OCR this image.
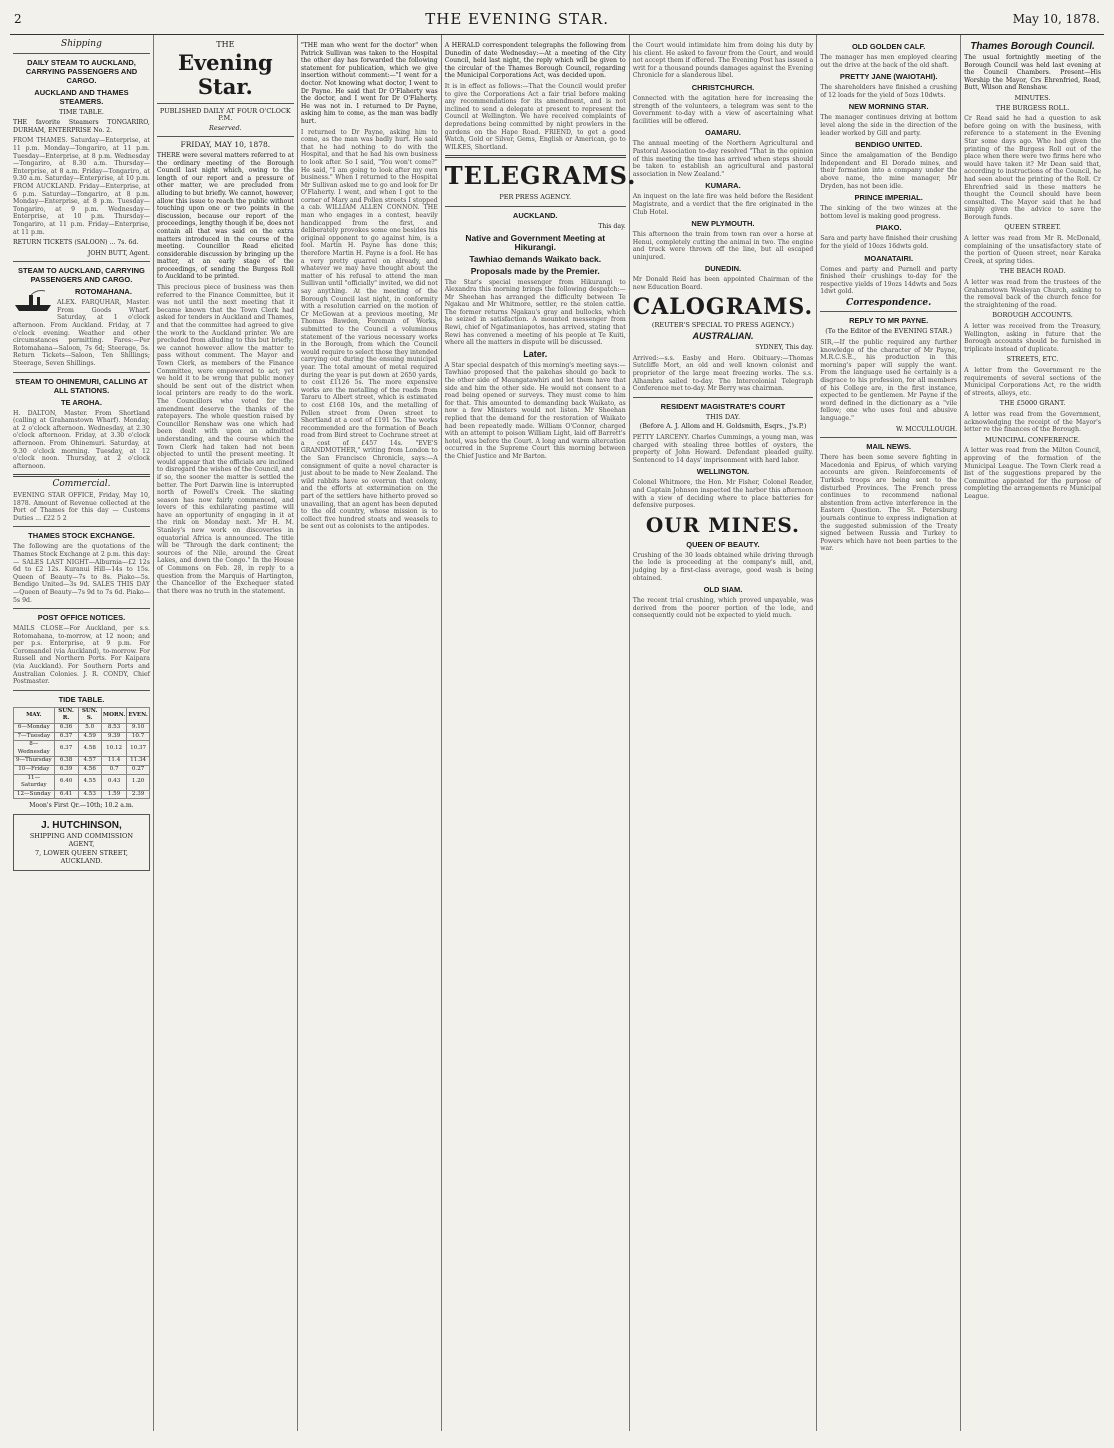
2	THE EVENING STAR.	May 10, 1878.
Shipping
DAILY STEAM TO AUCKLAND, CARRYING PASSENGERS AND CARGO.
AUCKLAND AND THAMES STEAMERS.
TIME TABLE.
THE favorite Steamers TONGARIRO, DURHAM, ENTERPRISE No. 2.
FROM THAMES. Saturday—Enterprise, at 11 p.m. Monday—Tongariro, at 11 p.m. Tuesday—Enterprise, at 8 p.m. Wednesday—Tongariro, at 8.30 a.m. Thursday—Enterprise, at 8 a.m. Friday—Tongariro, at 9.30 a.m. Saturday—Enterprise, at 10 p.m. FROM AUCKLAND. Friday—Enterprise, at 6 p.m. Saturday—Tongariro, at 8 p.m. Monday—Enterprise, at 8 p.m. Tuesday—Tongariro, at 9 p.m. Wednesday—Enterprise, at 10 p.m. Thursday—Tongariro, at 11 p.m. Friday—Enterprise, at 11 p.m.
RETURN TICKETS (SALOON) ... 7s. 6d.
JOHN BUTT, Agent.
STEAM TO AUCKLAND, CARRYING PASSENGERS AND CARGO.
ROTOMAHANA.
ALEX. FARQUHAR, Master. From Goods Wharf. Saturday, at 1 o'clock afternoon. From Auckland. Friday, at 7 o'clock evening. Weather and other circumstances permitting. Fares:—Per Rotomahana—Saloon, 7s 6d; Steerage, 5s. Return Tickets—Saloon, Ten Shillings; Steerage, Seven Shillings.
STEAM TO OHINEMURI, CALLING AT ALL STATIONS.
TE AROHA.
H. DALTON, Master. From Shortland (calling at Grahamstown Wharf). Monday, at 2 o'clock afternoon. Wednesday, at 2.30 o'clock afternoon. Friday, at 3.30 o'clock afternoon. From Ohinemuri. Saturday, at 9.30 o'clock morning. Tuesday, at 12 o'clock noon. Thursday, at 2 o'clock afternoon.
Commercial.
EVENING STAR OFFICE, Friday, May 10, 1878. Amount of Revenue collected at the Port of Thames for this day — Customs Duties ... £22 5 2
THAMES STOCK EXCHANGE.
The following are the quotations of the Thames Stock Exchange at 2 p.m. this day:— SALES LAST NIGHT—Alburnia—£2 12s 6d to £2 12s. Kuranui Hill—14s to 15s. Queen of Beauty—7s to 8s. Piako—5s. Bendigo United—3s 9d. SALES THIS DAY—Queen of Beauty—7s 9d to 7s 6d. Piako—5s 9d.
POST OFFICE NOTICES.
MAILS CLOSE—For Auckland, per s.s. Rotomahana, to-morrow, at 12 noon; and per p.s. Enterprise, at 9 p.m. For Coromandel (via Auckland), to-morrow. For Russell and Northern Ports. For Kaipara (via Auckland). For Southern Ports and Australian Colonies. J. R. CONDY, Chief Postmaster.
TIDE TABLE.
MAY.	SUN. R.	SUN. S.	MORN.	EVEN.
6—Monday	6.36	5.0	8.53	9.10
7—Tuesday	6.37	4.59	9.39	10.7
8—Wednesday	6.37	4.58	10.12	10.37
9—Thursday	6.38	4.57	11.4	11.34
10—Friday	6.39	4.56	0.7	0.27
11—Saturday	6.40	4.55	0.43	1.20
12—Sunday	6.41	4.53	1.59	2.39
Moon's First Qr.—10th; 10.2 a.m.
J. HUTCHINSON,
SHIPPING AND COMMISSION AGENT,
7, LOWER QUEEN STREET, AUCKLAND.
THE
Evening Star.
PUBLISHED DAILY AT FOUR O'CLOCK P.M.
Reserved.
FRIDAY, MAY 10, 1878.
THERE were several matters referred to at the ordinary meeting of the Borough Council last night which, owing to the length of our report and a pressure of other matter, we are precluded from alluding to but briefly. We cannot, however, allow this issue to reach the public without touching upon one or two points in the discussion, because our report of the proceedings, lengthy though it be, does not contain all that was said on the extra matters introduced in the course of the meeting. Councillor Read elicited considerable discussion by bringing up the matter, at an early stage of the proceedings, of sending the Burgess Roll to Auckland to be printed.
This precious piece of business was then referred to the Finance Committee, but it was not until the next meeting that it became known that the Town Clerk had asked for tenders in Auckland and Thames, and that the committee had agreed to give the work to the Auckland printer. We are precluded from alluding to this but briefly; we cannot however allow the matter to pass without comment. The Mayor and Town Clerk, as members of the Finance Committee, were empowered to act; yet we hold it to be wrong that public money should be sent out of the district when local printers are ready to do the work. The Councillors who voted for the amendment deserve the thanks of the ratepayers. The whole question raised by Councillor Renshaw was one which had been dealt with upon an admitted understanding, and the course which the Town Clerk had taken had not been objected to until the present meeting. It would appear that the officials are inclined to disregard the wishes of the Council, and if so, the sooner the matter is settled the better. The Port Darwin line is interrupted north of Powell's Creek. The skating season has now fairly commenced, and lovers of this exhilarating pastime will have an opportunity of engaging in it at the rink on Monday next. Mr H. M. Stanley's new work on discoveries in equatorial Africa is announced. The title will be "Through the dark continent; the sources of the Nile, around the Great Lakes, and down the Congo." In the House of Commons on Feb. 28, in reply to a question from the Marquis of Hartington, the Chancellor of the Exchequer stated that there was no truth in the statement.
"THE man who went for the doctor" when Patrick Sullivan was taken to the Hospital the other day has forwarded the following statement for publication, which we give insertion without comment:—"I went for a doctor. Not knowing what doctor, I went to Dr Payne. He said that Dr O'Flaherty was the doctor, and I went for Dr O'Flaherty. He was not in. I returned to Dr Payne, asking him to come, as the man was badly hurt.
I returned to Dr Payne, asking him to come, as the man was badly hurt. He said that he had nothing to do with the Hospital, and that he had his own business to look after. So I said, "You won't come?" He said, "I am going to look after my own business." When I returned to the Hospital Mr Sullivan asked me to go and look for Dr O'Flaherty. I went, and when I got to the corner of Mary and Pollen streets I stopped a cab. WILLIAM ALLEN CONNON. THE man who engages in a contest, heavily handicapped from the first, and deliberately provokes some one besides his original opponent to go against him, is a fool. Martin H. Payne has done this; therefore Martin H. Payne is a fool. He has a very pretty quarrel on already, and whatever we may have thought about the matter of his refusal to attend the man Sullivan until "officially" invited, we did not say anything. At the meeting of the Borough Council last night, in conformity with a resolution carried on the motion of Cr McGowan at a previous meeting, Mr Thomas Bawden, Foreman of Works, submitted to the Council a voluminous statement of the various necessary works in the Borough, from which the Council would require to select those they intended carrying out during the ensuing municipal year. The total amount of metal required during the year is put down at 2650 yards, to cost £1126 5s. The more expensive works are the metalling of the roads from Tararu to Albert street, which is estimated to cost £168 10s, and the metalling of Pollen street from Owen street to Shortland at a cost of £191 5s. The works recommended are the formation of Beach road from Bird street to Cochrane street at a cost of £457 14s. "EVE'S GRANDMOTHER," writing from London to the San Francisco Chronicle, says:—A consignment of quite a novel character is just about to be made to New Zealand. The wild rabbits have so overrun that colony, and the efforts at extermination on the part of the settlers have hitherto proved so unavailing, that an agent has been deputed to the old country, whose mission is to collect five hundred stoats and weasels to be sent out as colonists to the antipodes.
A HERALD correspondent telegraphs the following from Dunedin of date Wednesday:—At a meeting of the City Council, held last night, the reply which will be given to the circular of the Thames Borough Council, regarding the Municipal Corporations Act, was decided upon.
It is in effect as follows:—That the Council would prefer to give the Corporations Act a fair trial before making any recommendations for its amendment, and is not inclined to send a delegate at present to represent the Council at Wellington. We have received complaints of depredations being committed by night prowlers in the gardens on the Hape Road. FRIEND, to get a good Watch, Gold or Silver, Gems, English or American, go to WILKES, Shortland.
TELEGRAMS.
PER PRESS AGENCY.
AUCKLAND.
This day.
Native and Government Meeting at Hikurangi.
Tawhiao demands Waikato back.
Proposals made by the Premier.
The Star's special messenger from Hikurangi to Alexandra this morning brings the following despatch:—Mr Sheehan has arranged the difficulty between Te Ngakau and Mr Whitmore, settler, re the stolen cattle. The former returns Ngakau's gray and bullocks, which he seized in satisfaction. A mounted messenger from Rewi, chief of Ngatimaniapotos, has arrived, stating that Rewi has convened a meeting of his people at Te Kuiti, where all the matters in dispute will be discussed.
Later.
A Star special despatch of this morning's meeting says:—Tawhiao proposed that the pakehas should go back to the other side of Maungatawhiri and let them have that side and him the other side. He would not consent to a road being opened or surveys. They must come to him for that. This amounted to demanding back Waikato, as now a few Ministers would not listen. Mr Sheehan replied that the demand for the restoration of Waikato had been repeatedly made. William O'Connor, charged with an attempt to poison William Light, laid off Barrett's hotel, was before the Court. A long and warm altercation occurred in the Supreme Court this morning between the Chief Justice and Mr Barton.
the Court would intimidate him from doing his duty by his client. He asked to favour from the Court, and would not accept them if offered. The Evening Post has issued a writ for a thousand pounds damages against the Evening Chronicle for a slanderous libel.
CHRISTCHURCH.
Connected with the agitation here for increasing the strength of the volunteers, a telegram was sent to the Government to-day with a view of ascertaining what facilities will be offered.
OAMARU.
The annual meeting of the Northern Agricultural and Pastoral Association to-day resolved "That in the opinion of this meeting the time has arrived when steps should be taken to establish an agricultural and pastoral association in New Zealand."
KUMARA.
An inquest on the late fire was held before the Resident Magistrate, and a verdict that the fire originated in the Club Hotel.
NEW PLYMOUTH.
This afternoon the train from town ran over a horse at Henui, completely cutting the animal in two. The engine and truck were thrown off the line, but all escaped uninjured.
DUNEDIN.
Mr Donald Reid has been appointed Chairman of the new Education Board.
CALOGRAMS.
(REUTER'S SPECIAL TO PRESS AGENCY.)
AUSTRALIAN.
SYDNEY, This day.
Arrived:—s.s. Easby and Hero. Obituary:—Thomas Sutcliffe Mort, an old and well known colonist and proprietor of the large meat freezing works. The s.s. Alhambra sailed to-day. The Intercolonial Telegraph Conference met to-day. Mr Berry was chairman.
RESIDENT MAGISTRATE'S COURT
THIS DAY.
(Before A. J. Allom and H. Goldsmith, Esqrs., J's.P.)
PETTY LARCENY. Charles Cummings, a young man, was charged with stealing three bottles of oysters, the property of John Howard. Defendant pleaded guilty. Sentenced to 14 days' imprisonment with hard labor.
WELLINGTON.
Colonel Whitmore, the Hon. Mr Fisher, Colonel Reader, and Captain Johnson inspected the harbor this afternoon with a view of deciding where to place batteries for defensive purposes.
OUR MINES.
QUEEN OF BEAUTY.
Crushing of the 30 loads obtained while driving through the lode is proceeding at the company's mill, and, judging by a first-class average, good wash is being obtained.
OLD SIAM.
The recent trial crushing, which proved unpayable, was derived from the poorer portion of the lode, and consequently could not be expected to yield much.
OLD GOLDEN CALF.
The manager has men employed clearing out the drive at the back of the old shaft.
PRETTY JANE (WAIOTAHI).
The shareholders have finished a crushing of 12 loads for the yield of 5ozs 10dwts.
NEW MORNING STAR.
The manager continues driving at bottom level along the side in the direction of the leader worked by Gill and party.
BENDIGO UNITED.
Since the amalgamation of the Bendigo Independent and El Dorado mines, and their formation into a company under the above name, the mine manager, Mr Dryden, has not been idle.
PRINCE IMPERIAL.
The sinking of the two winzes at the bottom level is making good progress.
PIAKO.
Sara and party have finished their crushing for the yield of 10ozs 16dwts gold.
MOANATAIRI.
Comes and party and Purnell and party finished their crushings to-day for the respective yields of 19ozs 14dwts and 5ozs 1dwt gold.
Correspondence.
REPLY TO MR PAYNE.
(To the Editor of the EVENING STAR.)
SIR,—If the public required any further knowledge of the character of Mr Payne, M.R.C.S.E., his production in this morning's paper will supply the want. From the language used he certainly is a disgrace to his profession, for all members of his College are, in the first instance, expected to be gentlemen. Mr Payne if the word defined in the dictionary as a "vile fellow; one who uses foul and abusive language."
W. MCCULLOUGH.
MAIL NEWS.
There has been some severe fighting in Macedonia and Epirus, of which varying accounts are given. Reinforcements of Turkish troops are being sent to the disturbed Provinces. The French press continues to recommend national abstention from active interference in the Eastern Question. The St. Petersburg journals continue to express indignation at the suggested submission of the Treaty signed between Russia and Turkey to Powers which have not been parties to the war.
Thames Borough Council.
The usual fortnightly meeting of the Borough Council was held last evening at the Council Chambers. Present—His Worship the Mayor, Crs Ehrenfried, Read, Butt, Wilson and Renshaw.
MINUTES.
THE BURGESS ROLL.
Cr Read said he had a question to ask before going on with the business, with reference to a statement in the Evening Star some days ago. Who had given the printing of the Burgess Roll out of the place when there were two firms here who would have taken it? Mr Dean said that, according to instructions of the Council, he had seen about the printing of the Roll. Cr Ehrenfried said in these matters he thought the Council should have been consulted. The Mayor said that he had simply given the advice to save the Borough funds.
QUEEN STREET.
A letter was read from Mr R. McDonald, complaining of the unsatisfactory state of the portion of Queen street, near Karaka Creek, at spring tides.
THE BEACH ROAD.
A letter was read from the trustees of the Grahamstown Wesleyan Church, asking to the removal back of the church fence for the straightening of the road.
BOROUGH ACCOUNTS.
A letter was received from the Treasury, Wellington, asking in future that the Borough accounts should be furnished in triplicate instead of duplicate.
STREETS, ETC.
A letter from the Government re the requirements of several sections of the Municipal Corporations Act, re the width of streets, alleys, etc.
THE £5000 GRANT.
A letter was read from the Government, acknowledging the receipt of the Mayor's letter re the finances of the Borough.
MUNICIPAL CONFERENCE.
A letter was read from the Milton Council, approving of the formation of the Municipal League. The Town Clerk read a list of the suggestions prepared by the Committee appointed for the purpose of completing the arrangements re Municipal League.
